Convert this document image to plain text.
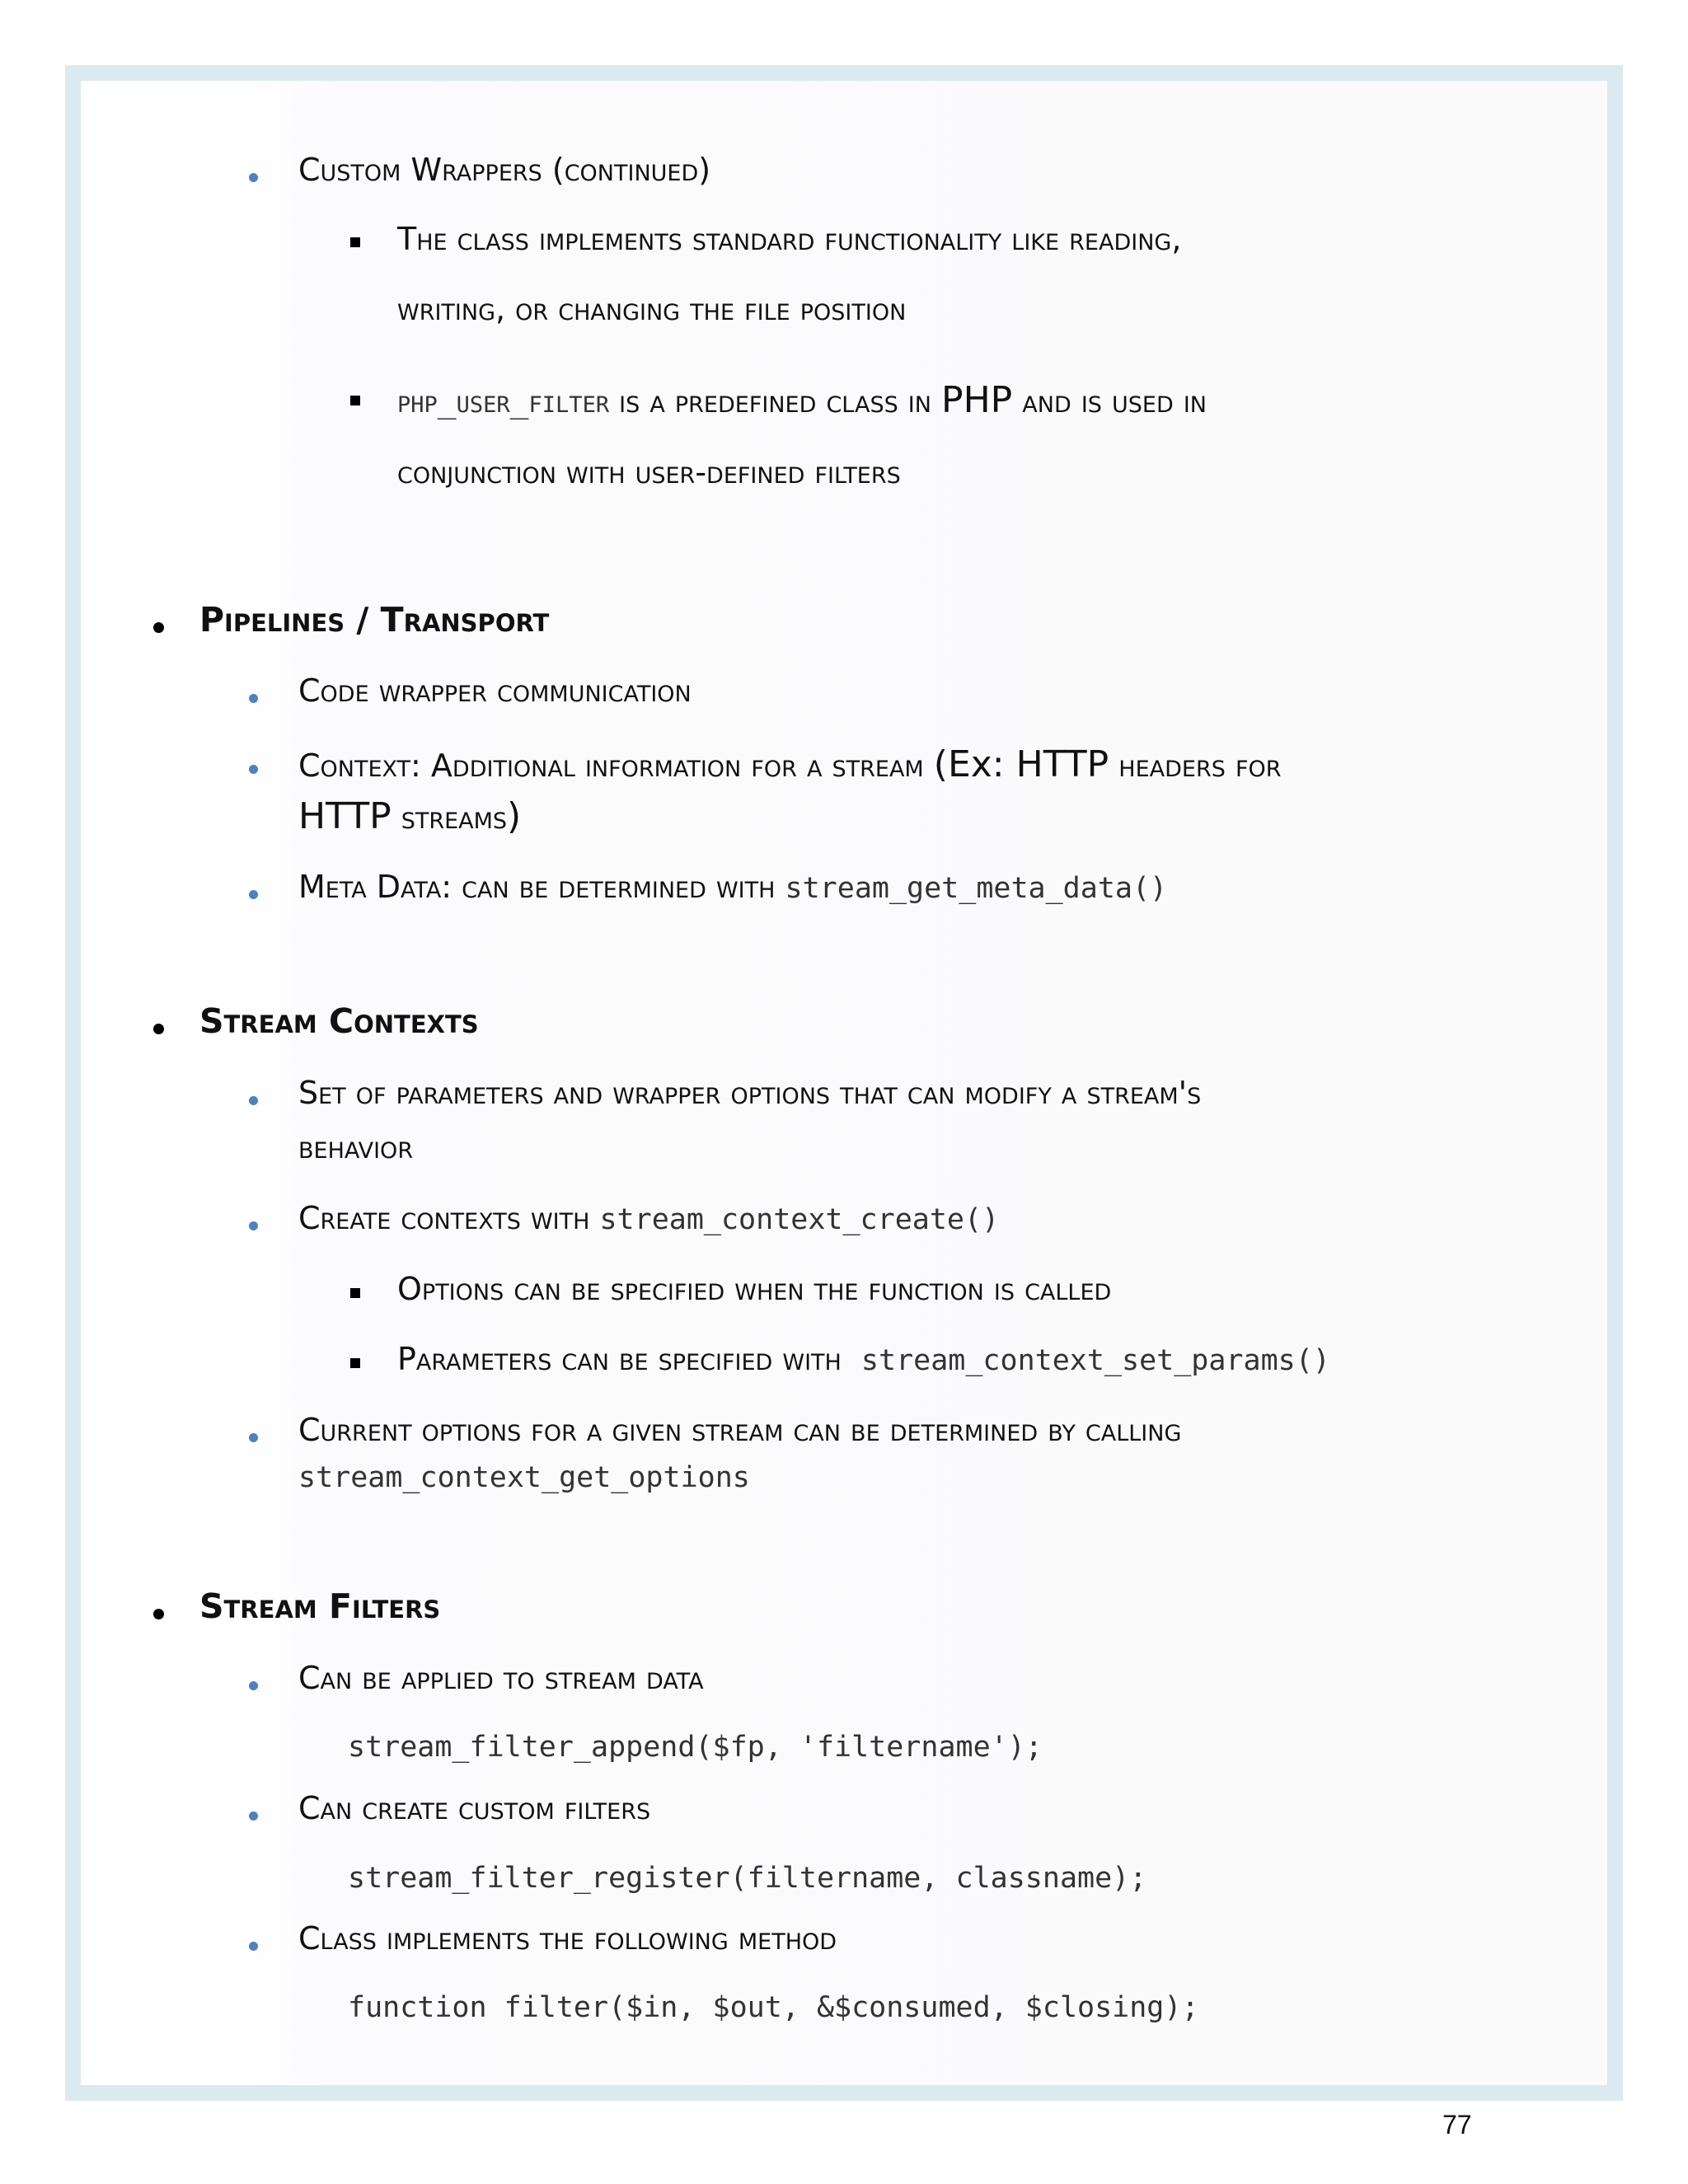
Custom Wrappers (continued)
The class implements standard functionality like reading,
writing, or changing the file position
php_user_filter is a predefined class in PHP and is used in
conjunction with user-defined filters
Pipelines / Transport
Code wrapper communication
Context: Additional information for a stream (Ex: HTTP headers for
HTTP streams)
Meta Data: can be determined with stream_get_meta_data()
Stream Contexts
Set of parameters and wrapper options that can modify a stream's
behavior
Create contexts with stream_context_create()
Options can be specified when the function is called
Parameters can be specified with stream_context_set_params()
Current options for a given stream can be determined by calling
stream_context_get_options
Stream Filters
Can be applied to stream data
stream_filter_append($fp, 'filtername');
Can create custom filters
stream_filter_register(filtername, classname);
Class implements the following method
function filter($in, $out, &$consumed, $closing);
77
